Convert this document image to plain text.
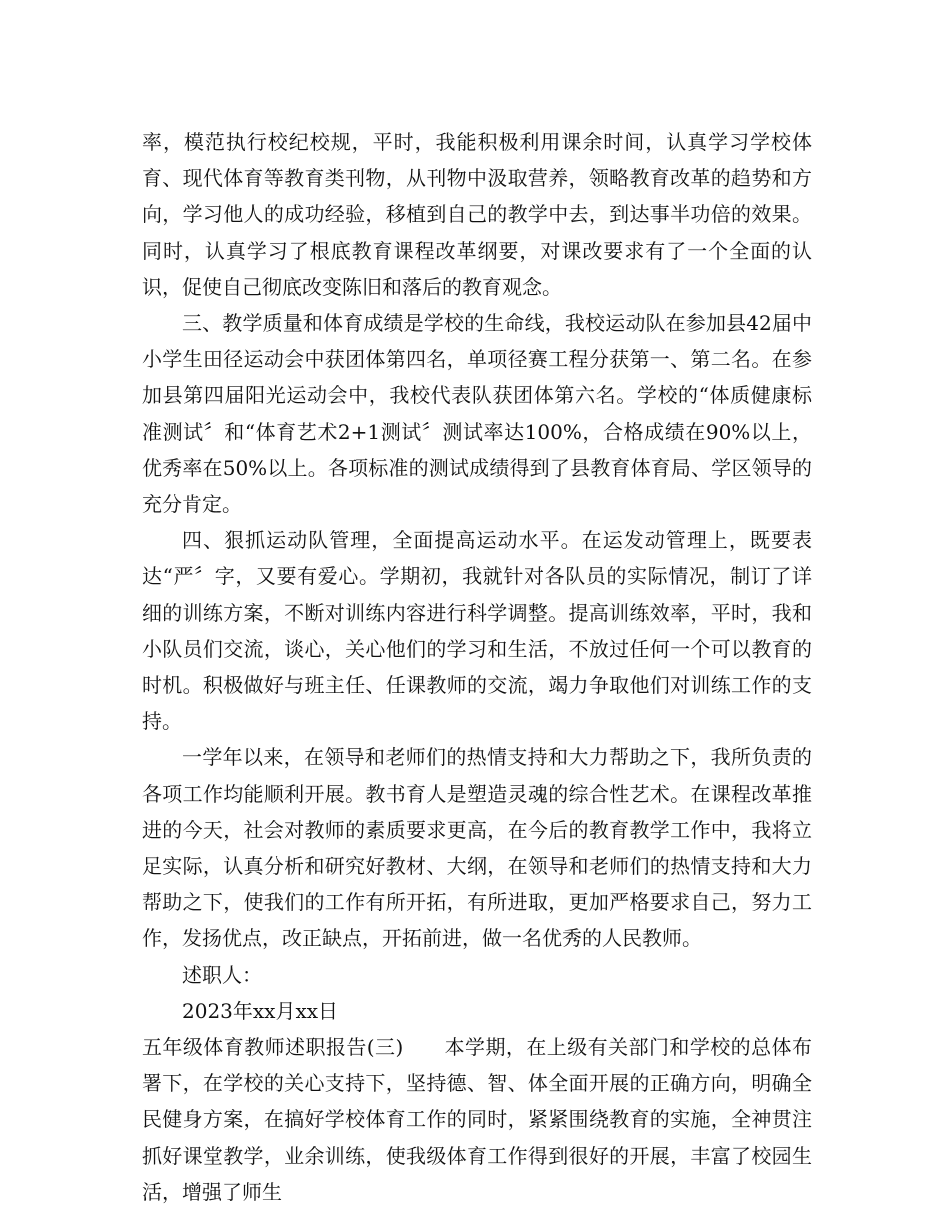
率，模范执行校纪校规，平时，我能积极利用课余时间，认真学习学校体育、现代体育等教育类刊物，从刊物中汲取营养，领略教育改革的趋势和方向，学习他人的成功经验，移植到自己的教学中去，到达事半功倍的效果。同时，认真学习了根底教育课程改革纲要，对课改要求有了一个全面的认识，促使自己彻底改变陈旧和落后的教育观念。

三、教学质量和体育成绩是学校的生命线，我校运动队在参加县42届中小学生田径运动会中获团体第四名，单项径赛工程分获第一、第二名。在参加县第四届阳光运动会中，我校代表队获团体第六名。学校的“体质健康标准测试〞和“体育艺术2+1测试〞测试率达100%，合格成绩在90%以上，优秀率在50%以上。各项标准的测试成绩得到了县教育体育局、学区领导的充分肯定。

四、狠抓运动队管理，全面提高运动水平。在运发动管理上，既要表达“严〞字，又要有爱心。学期初，我就针对各队员的实际情况，制订了详细的训练方案，不断对训练内容进行科学调整。提高训练效率，平时，我和小队员们交流，谈心，关心他们的学习和生活，不放过任何一个可以教育的时机。积极做好与班主任、任课教师的交流，竭力争取他们对训练工作的支持。

一学年以来，在领导和老师们的热情支持和大力帮助之下，我所负责的各项工作均能顺利开展。教书育人是塑造灵魂的综合性艺术。在课程改革推进的今天，社会对教师的素质要求更高，在今后的教育教学工作中，我将立足实际，认真分析和研究好教材、大纲，在领导和老师们的热情支持和大力帮助之下，使我们的工作有所开拓，有所进取，更加严格要求自己，努力工作，发扬优点，改正缺点，开拓前进，做一名优秀的人民教师。

述职人：

2023年xx月xx日

五年级体育教师述职报告(三)　　本学期，在上级有关部门和学校的总体布署下，在学校的关心支持下，坚持德、智、体全面开展的正确方向，明确全民健身方案，在搞好学校体育工作的同时，紧紧围绕教育的实施，全神贯注抓好课堂教学，业余训练，使我级体育工作得到很好的开展，丰富了校园生活，增强了师生
